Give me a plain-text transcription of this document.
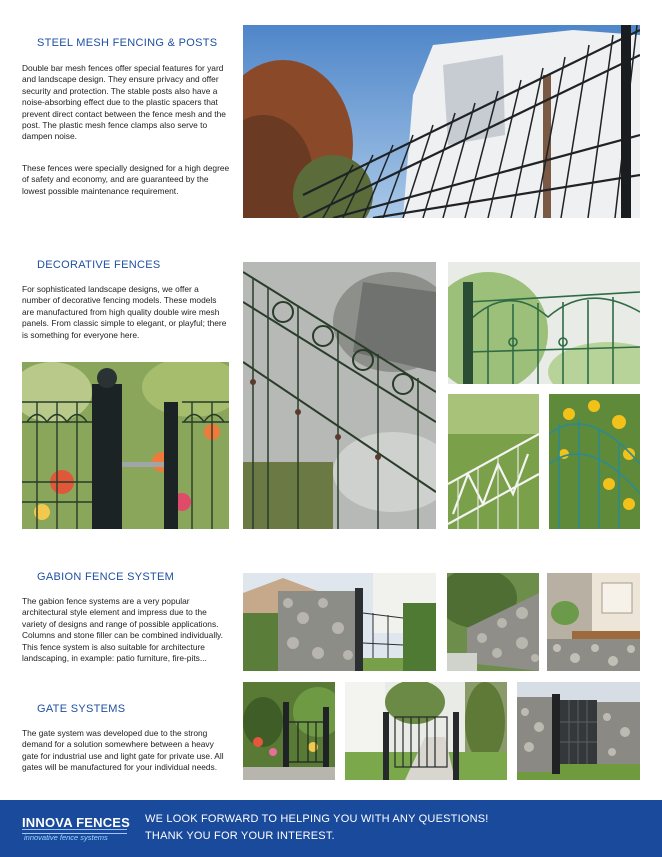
STEEL MESH FENCING & POSTS

Double bar mesh fences offer special features for yard and landscape design. They ensure privacy and offer security and protection. The stable posts also have a noise-absorbing effect due to the plastic spacers that prevent direct contact between the fence mesh and the post. The plastic mesh fence clamps also serve to dampen noise.

These fences were specially designed for a high degree of safety and economy, and are guaranteed by the lowest possible maintenance requirement.

DECORATIVE FENCES

For sophisticated landscape designs, we offer a number of decorative fencing models. These models are manufactured from high quality double wire mesh panels. From classic simple to elegant, or playful; there is something for everyone here.

GABION FENCE SYSTEM

The gabion fence systems are a very popular architectural style element and impress due to the variety of designs and range of possible applications. Columns and stone filler can be combined individually. This fence system is also suitable for architecture landscaping, in example: patio furniture, fire-pits...

GATE SYSTEMS

The gate system was developed due to the strong demand for a solution somewhere between a heavy gate for industrial use and light gate for private use. All gates will be manufactured for your individual needs.

INNOVA FENCES
innovative fence systems

WE LOOK FORWARD TO HELPING YOU WITH ANY QUESTIONS!

THANK YOU FOR YOUR INTEREST.
